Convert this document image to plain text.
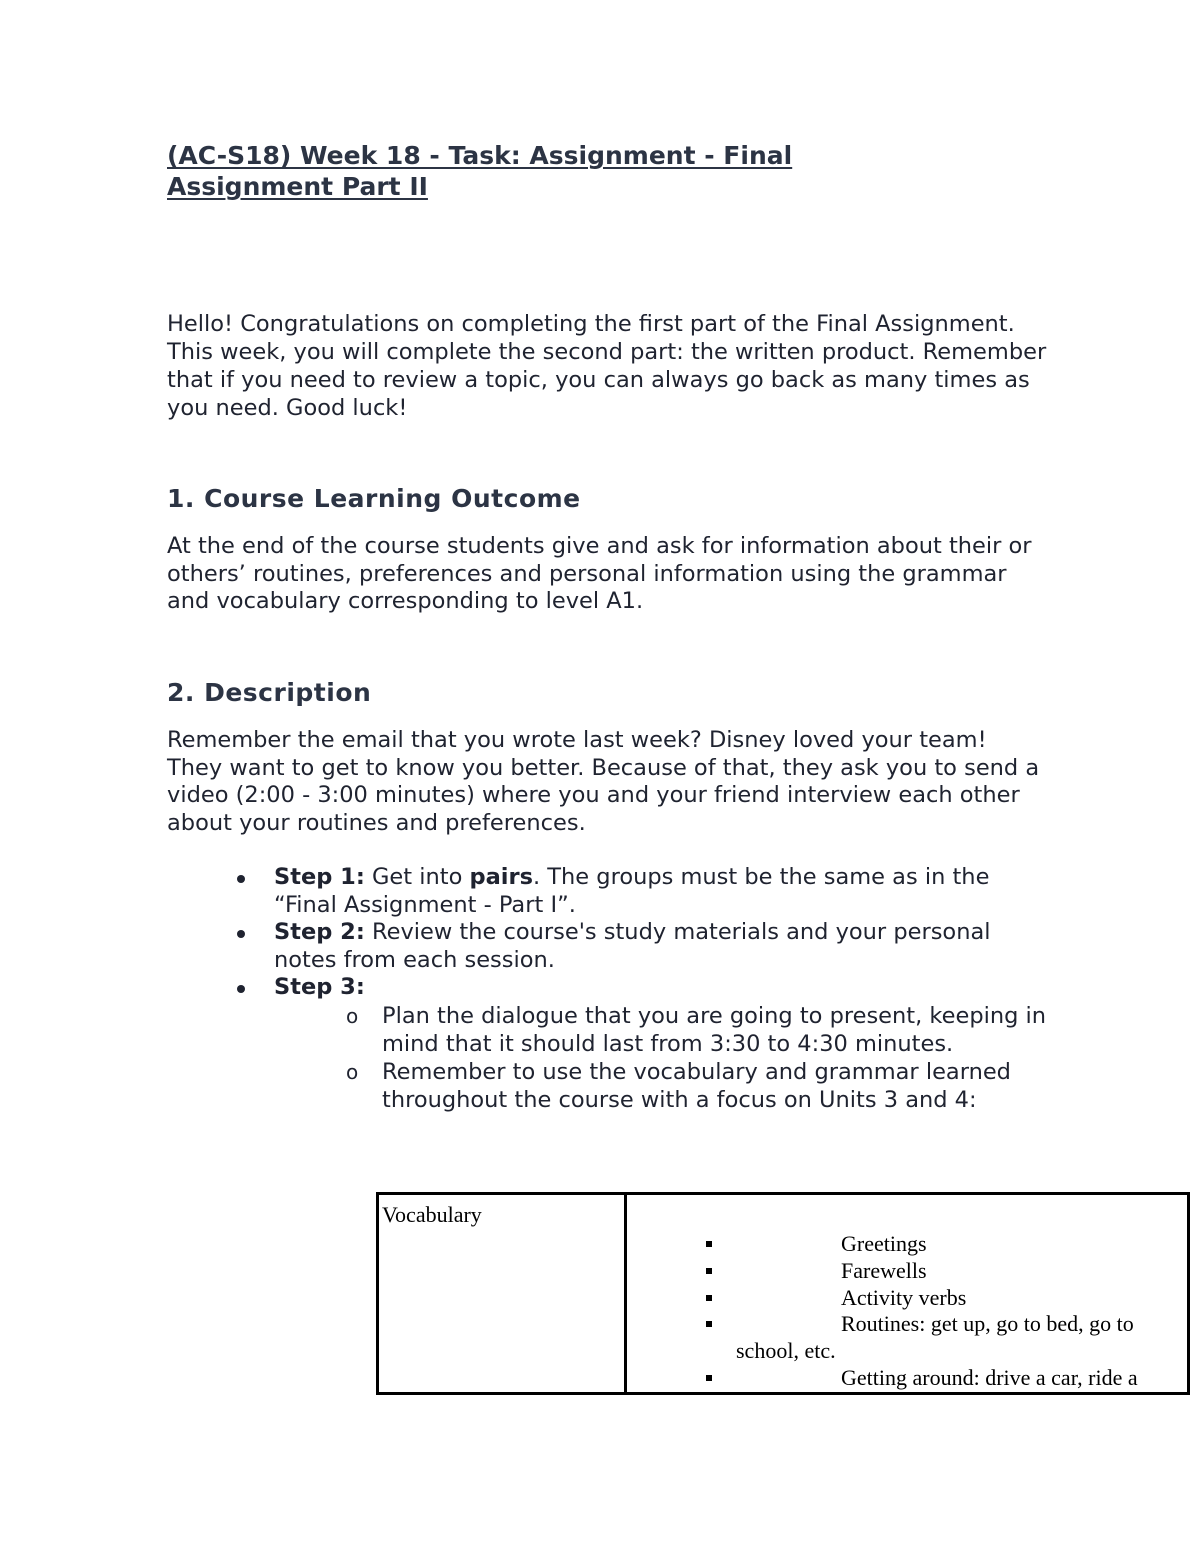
(AC-S18) Week 18 - Task: Assignment - Final Assignment Part II

Hello! Congratulations on completing the first part of the Final Assignment. This week, you will complete the second part: the written product. Remember that if you need to review a topic, you can always go back as many times as you need. Good luck!

1. Course Learning Outcome

At the end of the course students give and ask for information about their or others’ routines, preferences and personal information using the grammar and vocabulary corresponding to level A1.

2. Description

Remember the email that you wrote last week? Disney loved your team! They want to get to know you better. Because of that, they ask you to send a video (2:00 - 3:00 minutes) where you and your friend interview each other about your routines and preferences.

Step 1: Get into pairs. The groups must be the same as in the “Final Assignment - Part I”.
Step 2: Review the course's study materials and your personal notes from each session.
Step 3:
o Plan the dialogue that you are going to present, keeping in mind that it should last from 3:30 to 4:30 minutes.
o Remember to use the vocabulary and grammar learned throughout the course with a focus on Units 3 and 4:
Vocabulary
Greetings
Farewells
Activity verbs
Routines: get up, go to bed, go to
school, etc.
Getting around: drive a car, ride a
